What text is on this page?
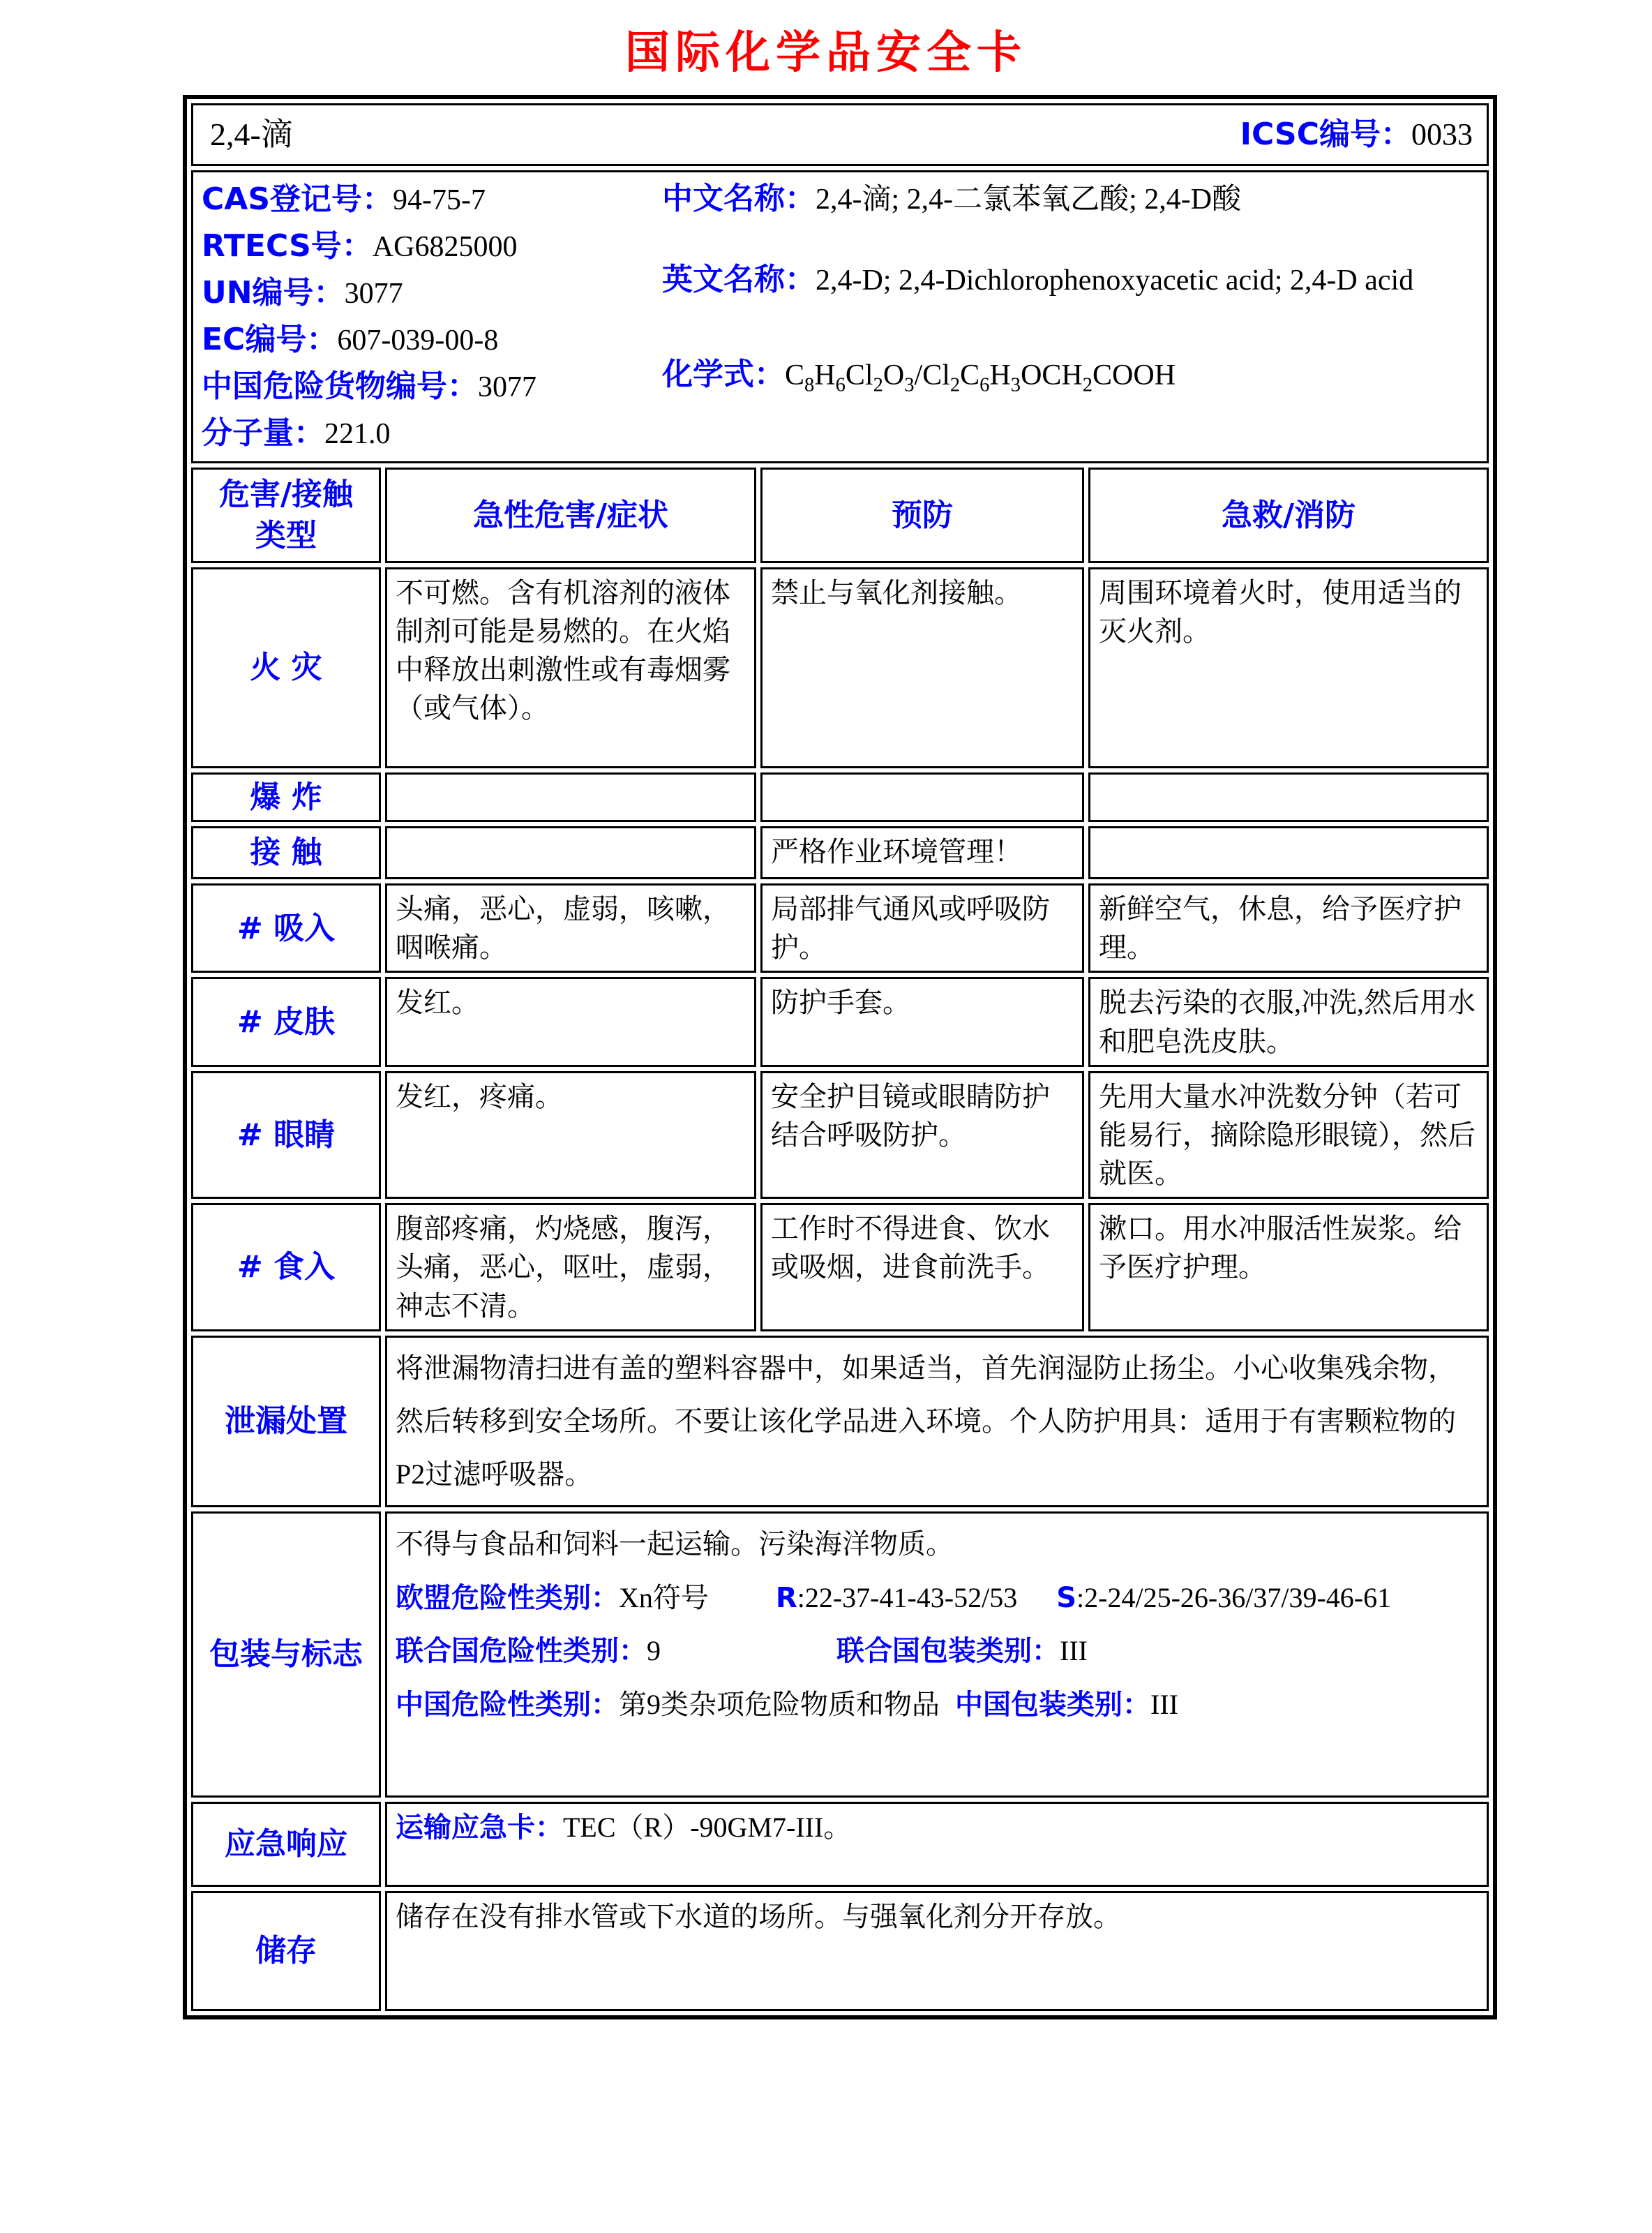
国际化学品安全卡
2,4-滴 ICSC编号：0033			

CAS登记号：94-75-7
RTECS号：AG6825000
UN编号：3077
EC编号：607-039-00-8
中国危险货物编号：3077
分子量：221.0

中文名称：2,4-滴; 2,4-二氯苯氧乙酸; 2,4-D酸

英文名称：2,4-D; 2,4-Dichlorophenoxyacetic acid; 2,4-D acid

化学式：$C_8H_6Cl_2O_3/Cl_2C_6H_3OCH_2COOH$

危害/接触
类型	急性危害/症状	预防	急救/消防
火 灾	不可燃。含有机溶剂的液体制剂可能是易燃的。在火焰中释放出刺激性或有毒烟雾（或气体）。	禁止与氧化剂接触。	周围环境着火时，使用适当的灭火剂。
爆 炸			
接 触		严格作业环境管理！	
# 吸入	头痛，恶心，虚弱，咳嗽，咽喉痛。	局部排气通风或呼吸防护。	新鲜空气，休息，给予医疗护理。
# 皮肤	发红。	防护手套。	脱去污染的衣服,冲洗,然后用水和肥皂洗皮肤。
# 眼睛	发红，疼痛。	安全护目镜或眼睛防护结合呼吸防护。	先用大量水冲洗数分钟（若可能易行，摘除隐形眼镜），然后就医。
# 食入	腹部疼痛，灼烧感，腹泻，头痛，恶心，呕吐，虚弱，神志不清。	工作时不得进食、饮水或吸烟，进食前洗手。	漱口。用水冲服活性炭浆。给予医疗护理。
泄漏处置	将泄漏物清扫进有盖的塑料容器中，如果适当，首先润湿防止扬尘。小心收集残余物，然后转移到安全场所。不要让该化学品进入环境。个人防护用具：适用于有害颗粒物的P2过滤呼吸器。		
包装与标志	不得与食品和饲料一起运输。污染海洋物质。
欧盟危险性类别：Xn符号 R:22-37-41-43-52/53 S:2-24/25-26-36/37/39-46-61
联合国危险性类别：9 联合国包装类别：III
中国危险性类别：第9类杂项危险物质和物品 中国包装类别：III		

应急响应	运输应急卡：TEC（R）-90GM7-III。		
储存	储存在没有排水管或下水道的场所。与强氧化剂分开存放。		
